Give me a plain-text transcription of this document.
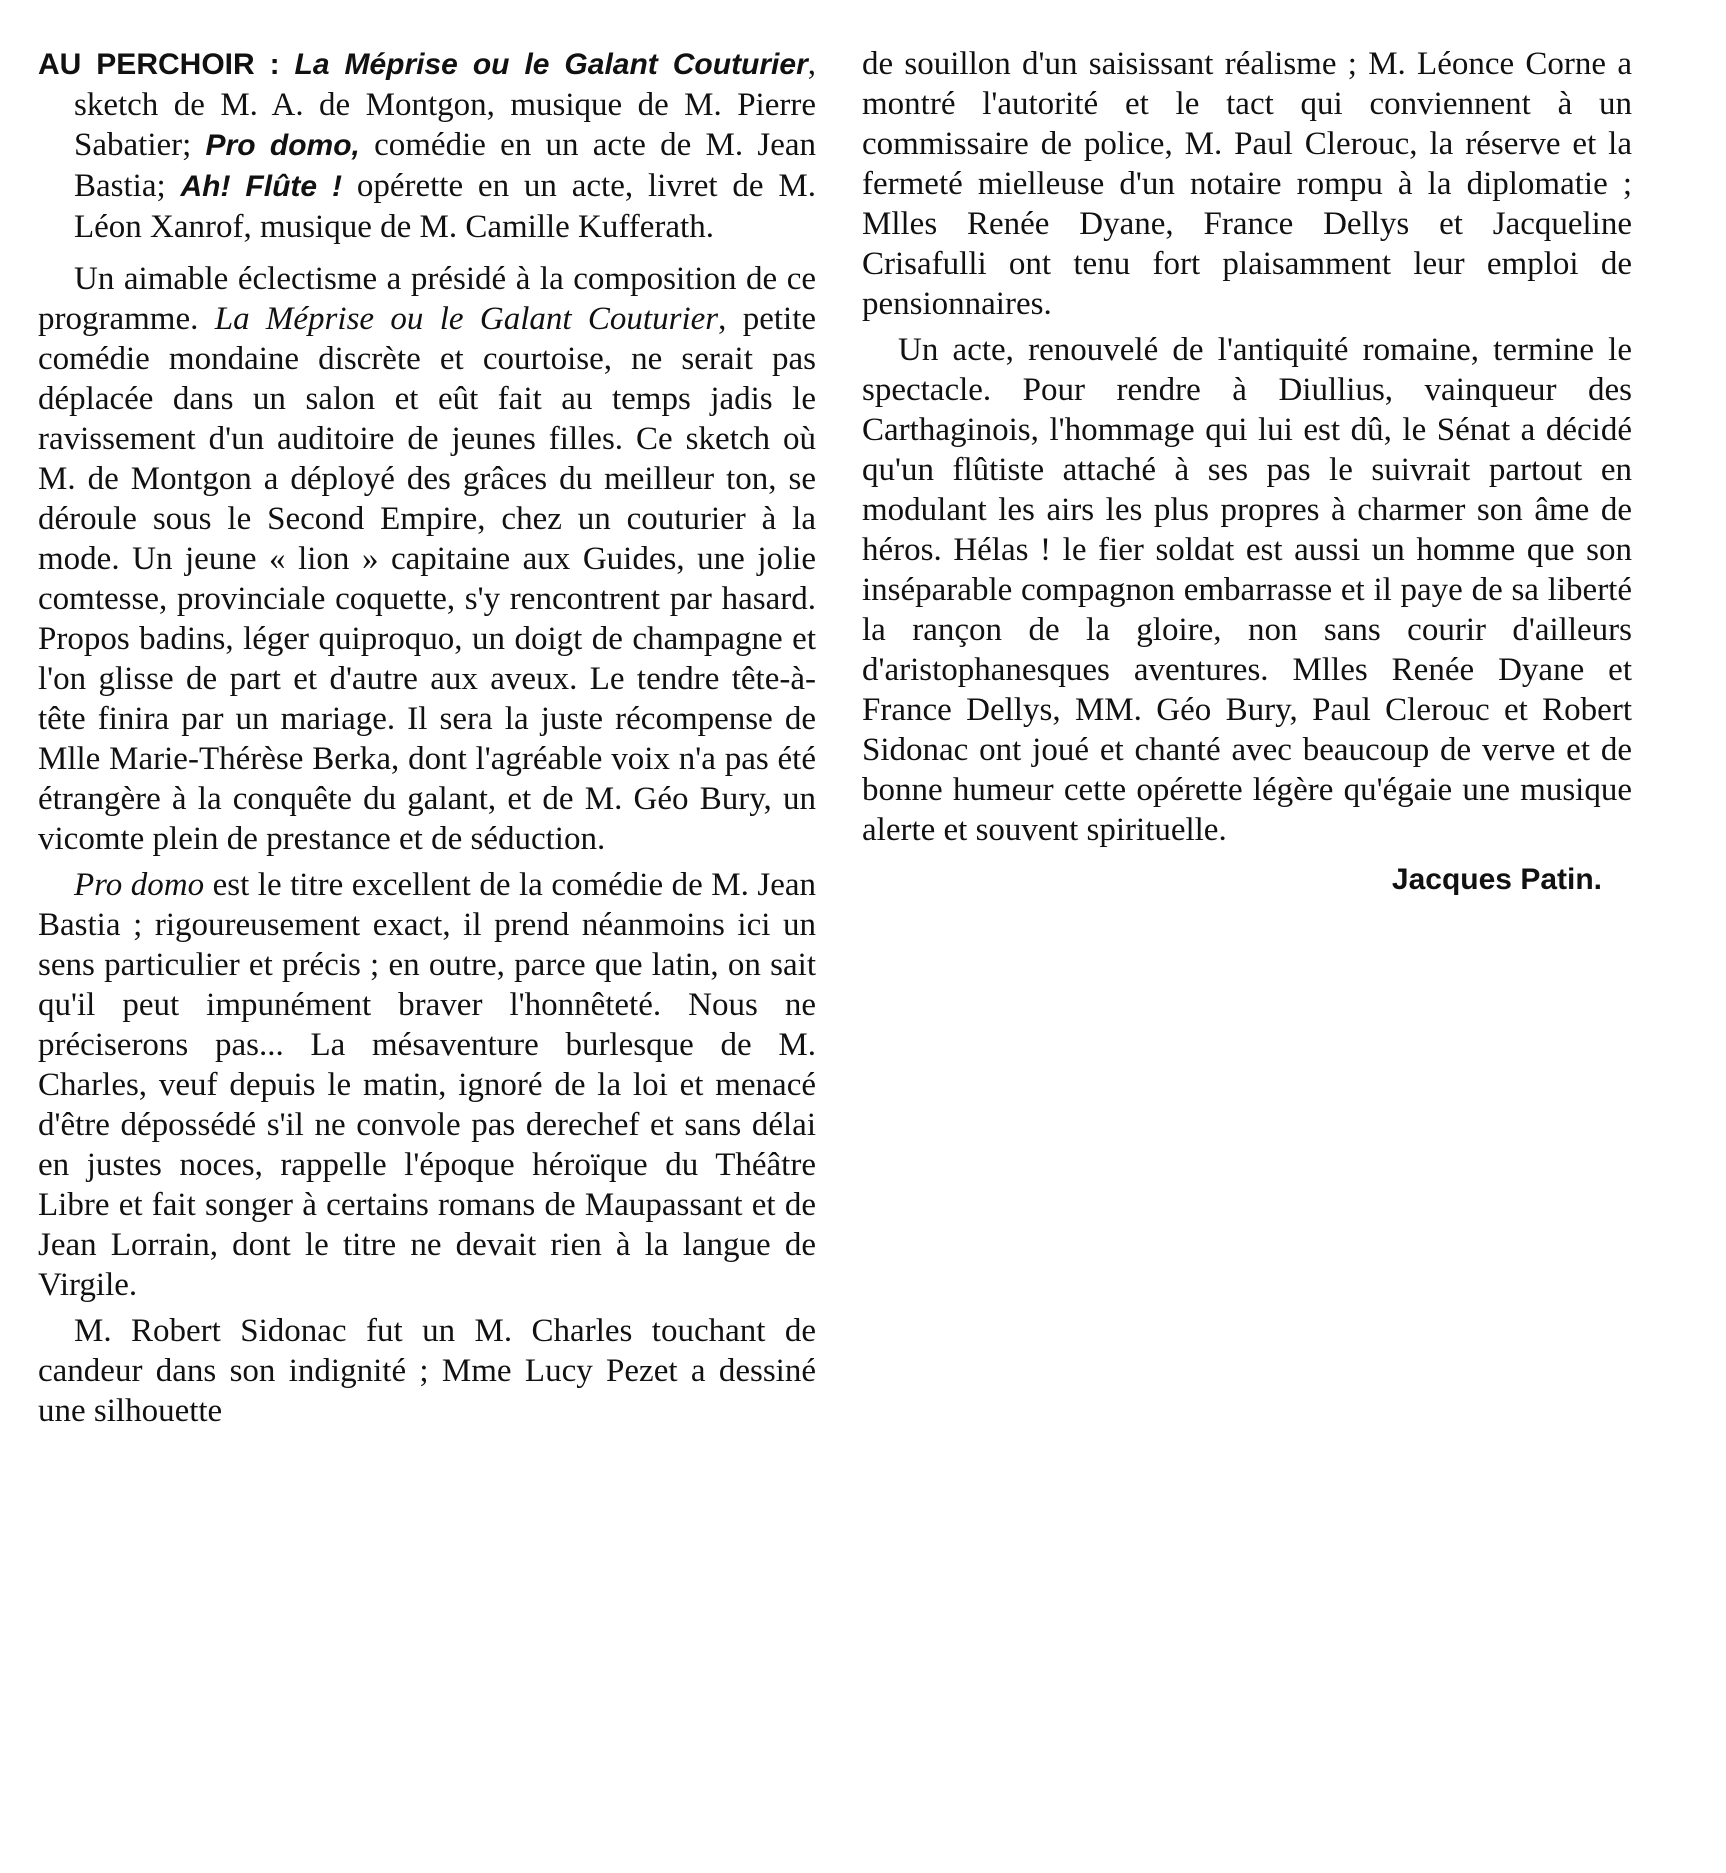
AU PERCHOIR : La Méprise ou le Galant Couturier, sketch de M. A. de Montgon, musique de M. Pierre Sabatier; Pro domo, comédie en un acte de M. Jean Bastia; Ah! Flûte ! opérette en un acte, livret de M. Léon Xanrof, musique de M. Camille Kufferath.

Un aimable éclectisme a présidé à la composition de ce programme. La Méprise ou le Galant Couturier, petite comédie mondaine discrète et courtoise, ne serait pas déplacée dans un salon et eût fait au temps jadis le ravissement d'un auditoire de jeunes filles. Ce sketch où M. de Montgon a déployé des grâces du meilleur ton, se déroule sous le Second Empire, chez un couturier à la mode. Un jeune « lion » capitaine aux Guides, une jolie comtesse, provinciale coquette, s'y rencontrent par hasard. Propos badins, léger quiproquo, un doigt de champagne et l'on glisse de part et d'autre aux aveux. Le tendre tête-à-tête finira par un mariage. Il sera la juste récompense de Mlle Marie-Thérèse Berka, dont l'agréable voix n'a pas été étrangère à la conquête du galant, et de M. Géo Bury, un vicomte plein de prestance et de séduction.

Pro domo est le titre excellent de la comédie de M. Jean Bastia ; rigoureusement exact, il prend néanmoins ici un sens particulier et précis ; en outre, parce que latin, on sait qu'il peut impunément braver l'honnêteté. Nous ne préciserons pas... La mésaventure burlesque de M. Charles, veuf depuis le matin, ignoré de la loi et menacé d'être dépossédé s'il ne convole pas derechef et sans délai en justes noces, rappelle l'époque héroïque du Théâtre Libre et fait songer à certains romans de Maupassant et de Jean Lorrain, dont le titre ne devait rien à la langue de Virgile.

M. Robert Sidonac fut un M. Charles touchant de candeur dans son indignité ; Mme Lucy Pezet a dessiné une silhouette

de souillon d'un saisissant réalisme ; M. Léonce Corne a montré l'autorité et le tact qui conviennent à un commissaire de police, M. Paul Clerouc, la réserve et la fermeté mielleuse d'un notaire rompu à la diplomatie ; Mlles Renée Dyane, France Dellys et Jacqueline Crisafulli ont tenu fort plaisamment leur emploi de pensionnaires.

Un acte, renouvelé de l'antiquité romaine, termine le spectacle. Pour rendre à Diullius, vainqueur des Carthaginois, l'hommage qui lui est dû, le Sénat a décidé qu'un flûtiste attaché à ses pas le suivrait partout en modulant les airs les plus propres à charmer son âme de héros. Hélas ! le fier soldat est aussi un homme que son inséparable compagnon embarrasse et il paye de sa liberté la rançon de la gloire, non sans courir d'ailleurs d'aristophanesques aventures. Mlles Renée Dyane et France Dellys, MM. Géo Bury, Paul Clerouc et Robert Sidonac ont joué et chanté avec beaucoup de verve et de bonne humeur cette opérette légère qu'égaie une musique alerte et souvent spirituelle.

Jacques Patin.
